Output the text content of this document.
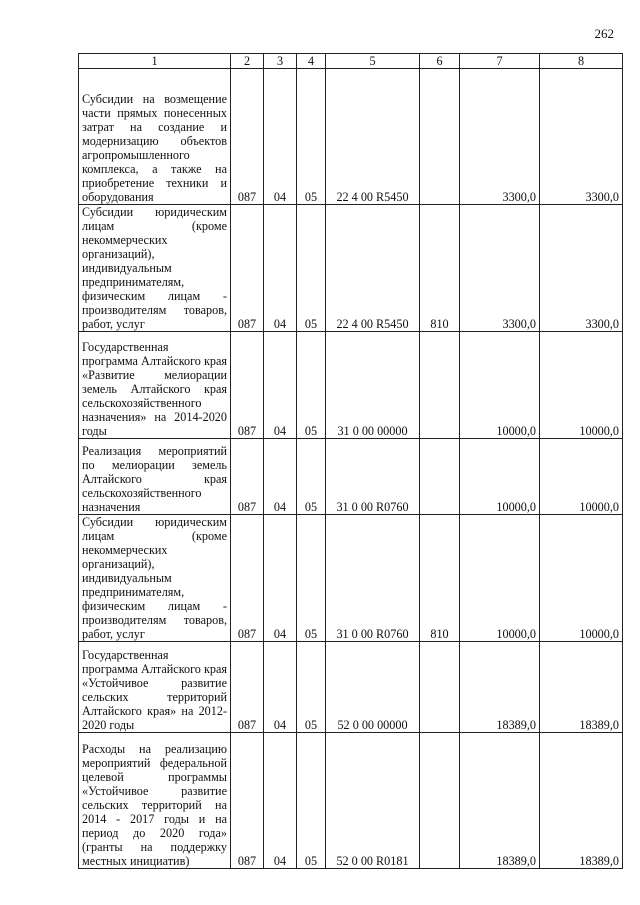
262
1	2	3	4	5	6	7	8
Субсидии на возмещение части прямых понесенных затрат на создание и модернизацию объектов агропромышленного комплекса, а также на приобретение техники и оборудования	087	04	05	22 4 00 R5450		3300,0	3300,0
Субсидии юридическим лицам (кроме некоммерческих организаций), индивидуальным предпринимателям, физическим лицам - производителям товаров, работ, услуг	087	04	05	22 4 00 R5450	810	3300,0	3300,0
Государственная программа Алтайского края «Развитие мелиорации земель Алтайского края сельскохозяйственного назначения» на 2014-2020 годы	087	04	05	31 0 00 00000		10000,0	10000,0
Реализация мероприятий по мелиорации земель Алтайского края сельскохозяйственного назначения	087	04	05	31 0 00 R0760		10000,0	10000,0
Субсидии юридическим лицам (кроме некоммерческих организаций), индивидуальным предпринимателям, физическим лицам - производителям товаров, работ, услуг	087	04	05	31 0 00 R0760	810	10000,0	10000,0
Государственная программа Алтайского края «Устойчивое развитие сельских территорий Алтайского края» на 2012-2020 годы	087	04	05	52 0 00 00000		18389,0	18389,0
Расходы на реализацию мероприятий федеральной целевой программы «Устойчивое развитие сельских территорий на 2014 - 2017 годы и на период до 2020 года» (гранты на поддержку местных инициатив)	087	04	05	52 0 00 R0181		18389,0	18389,0
